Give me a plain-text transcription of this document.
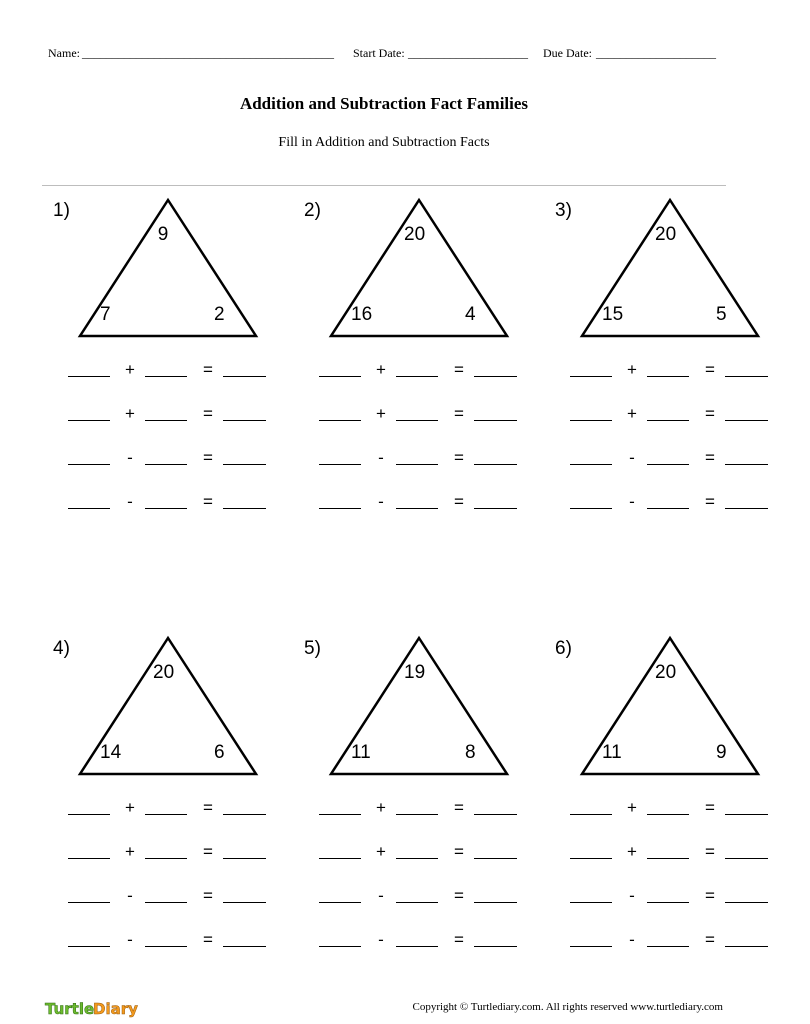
Name: __________________________________________ Start Date: ____________________ Due Date: ____________________
Addition and Subtraction Fact Families
Fill in Addition and Subtraction Facts
1)
9
7	2
+	=
+	=
-	=
-	=
2)
20
16	4
+	=
+	=
-	=
-	=
3)
20
15	5
+	=
+	=
-	=
-	=
4)
20
14	6
+	=
+	=
-	=
-	=
5)
19
11	8
+	=
+	=
-	=
-	=
6)
20
11	9
+	=
+	=
-	=
-	=
Turtle
Diary	Copyright © Turtlediary.com. All rights reserved www.turtlediary.com
